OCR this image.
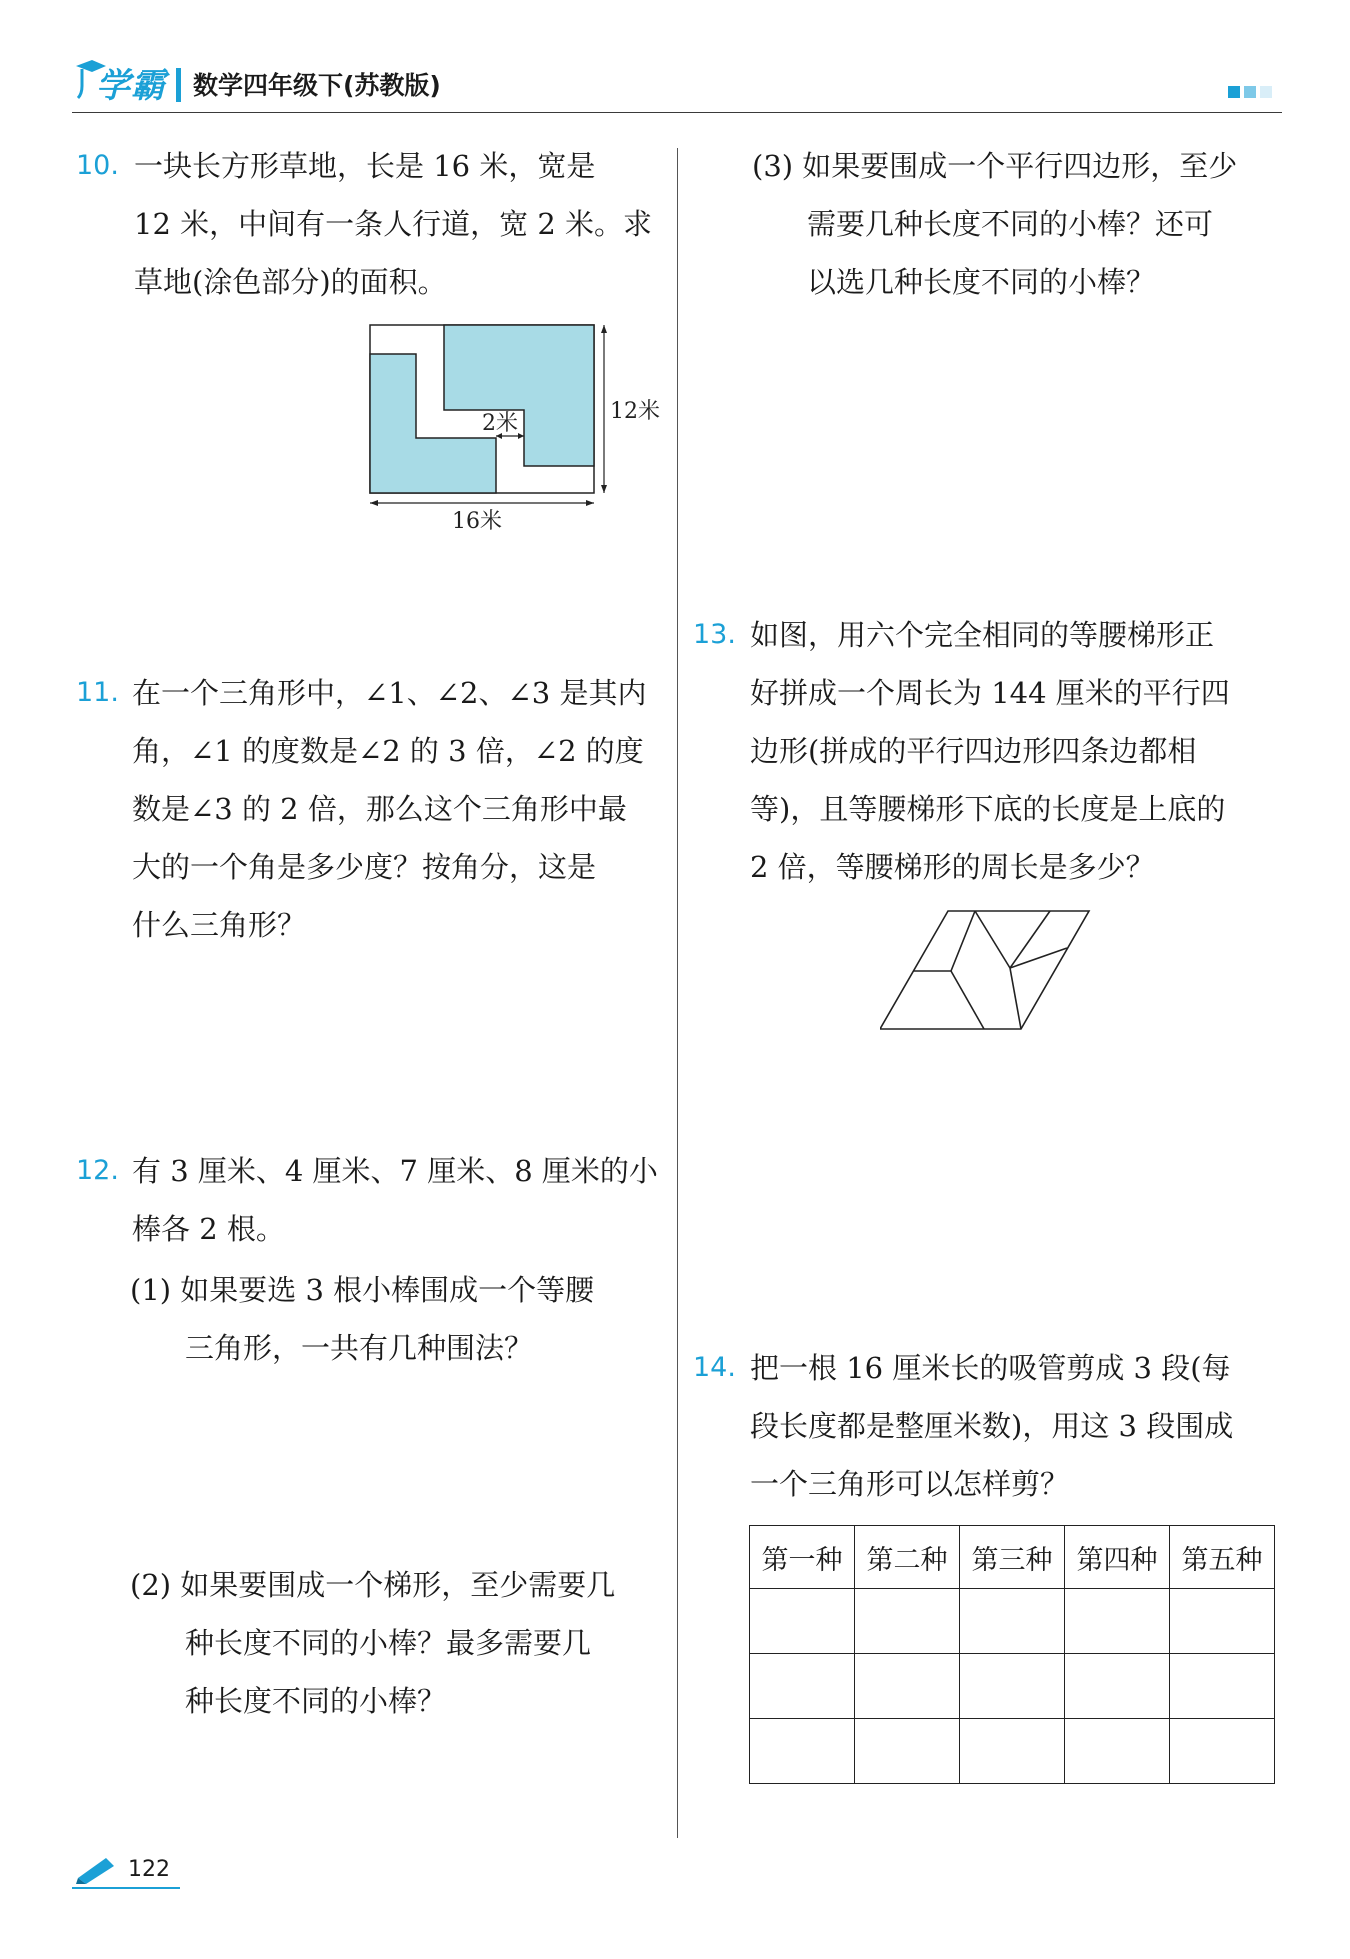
学霸 数学四年级下(苏教版)
10. 一块长方形草地，长是 16 米，宽是
12 米，中间有一条人行道，宽 2 米。求
草地(涂色部分)的面积。
2米	12米
16米
11. 在一个三角形中，∠1、∠2、∠3 是其内
角，∠1 的度数是∠2 的 3 倍，∠2 的度
数是∠3 的 2 倍，那么这个三角形中最
大的一个角是多少度？按角分，这是
什么三角形？
12. 有 3 厘米、4 厘米、7 厘米、8 厘米的小
棒各 2 根。
(1) 如果要选 3 根小棒围成一个等腰
三角形，一共有几种围法？
(2) 如果要围成一个梯形，至少需要几
种长度不同的小棒？最多需要几
种长度不同的小棒？
(3) 如果要围成一个平行四边形，至少
需要几种长度不同的小棒？还可
以选几种长度不同的小棒？
13. 如图，用六个完全相同的等腰梯形正
好拼成一个周长为 144 厘米的平行四
边形(拼成的平行四边形四条边都相
等)，且等腰梯形下底的长度是上底的
2 倍，等腰梯形的周长是多少？
14. 把一根 16 厘米长的吸管剪成 3 段(每
段长度都是整厘米数)，用这 3 段围成
一个三角形可以怎样剪？
第一种	第二种	第三种	第四种	第五种

122
